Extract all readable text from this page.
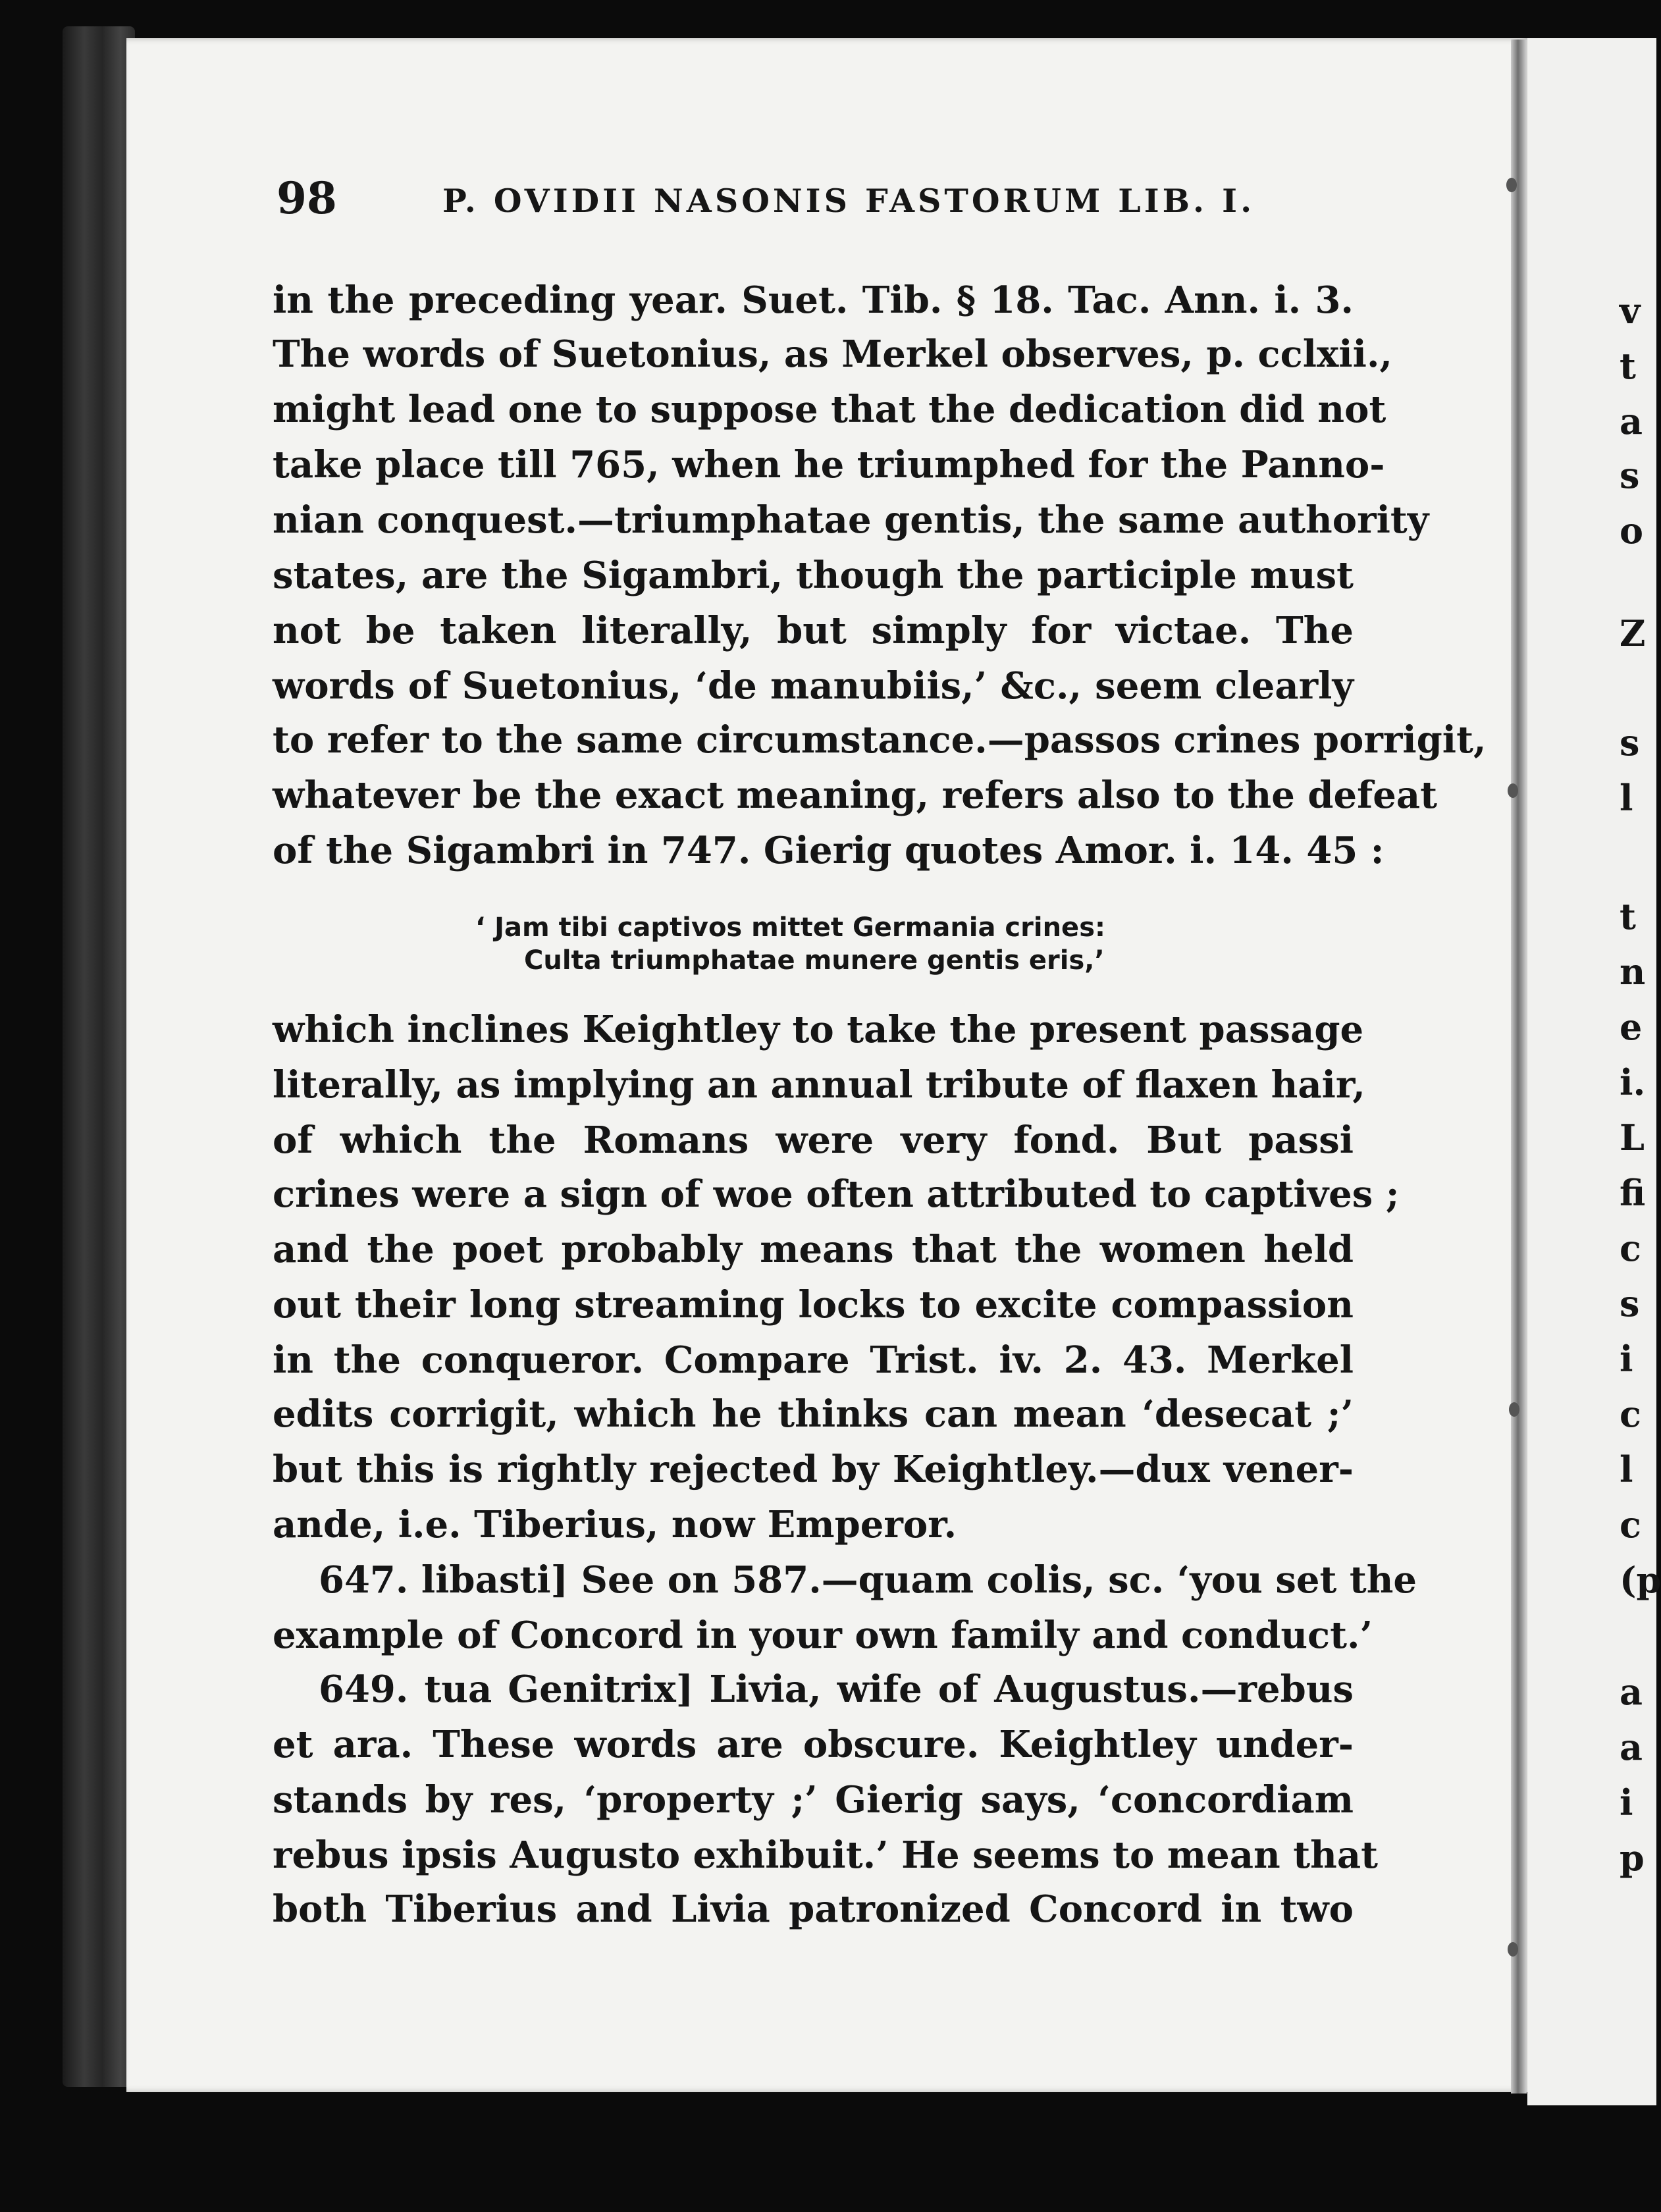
98	P. OVIDII NASONIS FASTORUM LIB. I.
in the preceding year. Suet. Tib. § 18. Tac. Ann. i. 3.
The words of Suetonius, as Merkel observes, p. cclxii.,
might lead one to suppose that the dedication did not
take place till 765, when he triumphed for the Panno-
nian conquest.—triumphatae gentis, the same authority
states, are the Sigambri, though the participle must
not be taken literally, but simply for victae. The
words of Suetonius, ‘de manubiis,’ &c., seem clearly
to refer to the same circumstance.—passos crines porrigit,
whatever be the exact meaning, refers also to the defeat
of the Sigambri in 747. Gierig quotes Amor. i. 14. 45 :
‘ Jam tibi captivos mittet Germania crines:
Culta triumphatae munere gentis eris,’
which inclines Keightley to take the present passage
literally, as implying an annual tribute of flaxen hair,
of which the Romans were very fond. But passi
crines were a sign of woe often attributed to captives ;
and the poet probably means that the women held
out their long streaming locks to excite compassion
in the conqueror. Compare Trist. iv. 2. 43. Merkel
edits corrigit, which he thinks can mean ‘desecat ;’
but this is rightly rejected by Keightley.—dux vener-
ande, i.e. Tiberius, now Emperor.
647. libasti] See on 587.—quam colis, sc. ‘you set the
example of Concord in your own family and conduct.’
649. tua Genitrix] Livia, wife of Augustus.—rebus
et ara. These words are obscure. Keightley under-
stands by res, ‘property ;’ Gierig says, ‘concordiam
rebus ipsis Augusto exhibuit.’ He seems to mean that
both Tiberius and Livia patronized Concord in two
v
t
a
s
o
Z
s
l
t
n
e
i.
L
fi
c
s
i
c
l
c
(p
a
a
i
p
